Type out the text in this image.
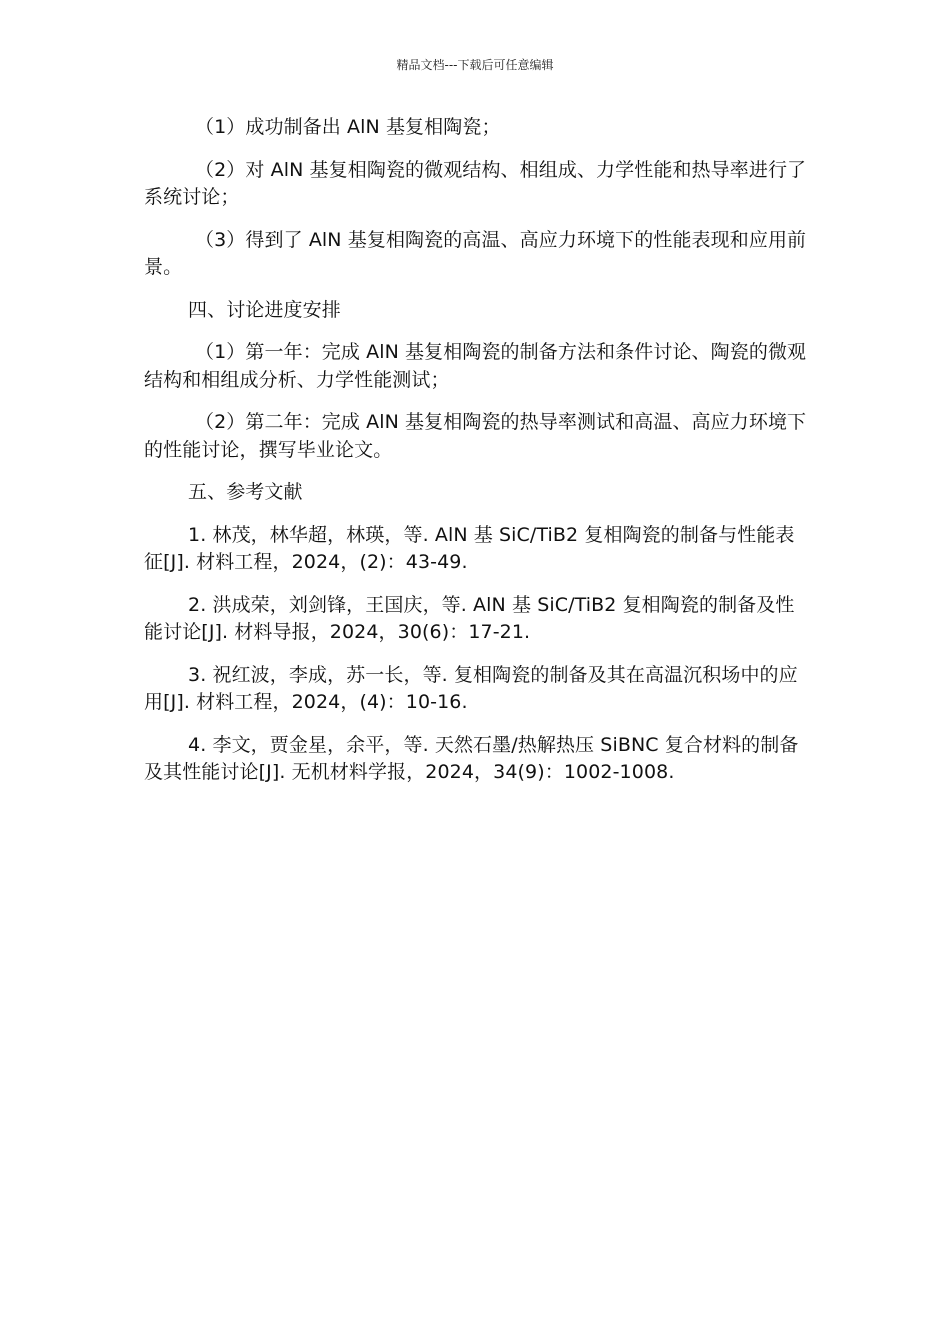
精品文档---下载后可任意编辑

（1）成功制备出 AlN 基复相陶瓷；

（2）对 AlN 基复相陶瓷的微观结构、相组成、力学性能和热导率进行了系统讨论；

（3）得到了 AlN 基复相陶瓷的高温、高应力环境下的性能表现和应用前景。

四、讨论进度安排

（1）第一年：完成 AlN 基复相陶瓷的制备方法和条件讨论、陶瓷的微观结构和相组成分析、力学性能测试；

（2）第二年：完成 AlN 基复相陶瓷的热导率测试和高温、高应力环境下的性能讨论，撰写毕业论文。

五、参考文献

1. 林茂，林华超，林瑛，等. AlN 基 SiC/TiB2 复相陶瓷的制备与性能表征[J]. 材料工程，2024，(2)：43-49.

2. 洪成荣，刘剑锋，王国庆，等. AlN 基 SiC/TiB2 复相陶瓷的制备及性能讨论[J]. 材料导报，2024，30(6)：17-21.

3. 祝红波，李成，苏一长，等. 复相陶瓷的制备及其在高温沉积场中的应用[J]. 材料工程，2024，(4)：10-16.

4. 李文，贾金星，余平，等. 天然石墨/热解热压 SiBNC 复合材料的制备及其性能讨论[J]. 无机材料学报，2024，34(9)：1002-1008.
